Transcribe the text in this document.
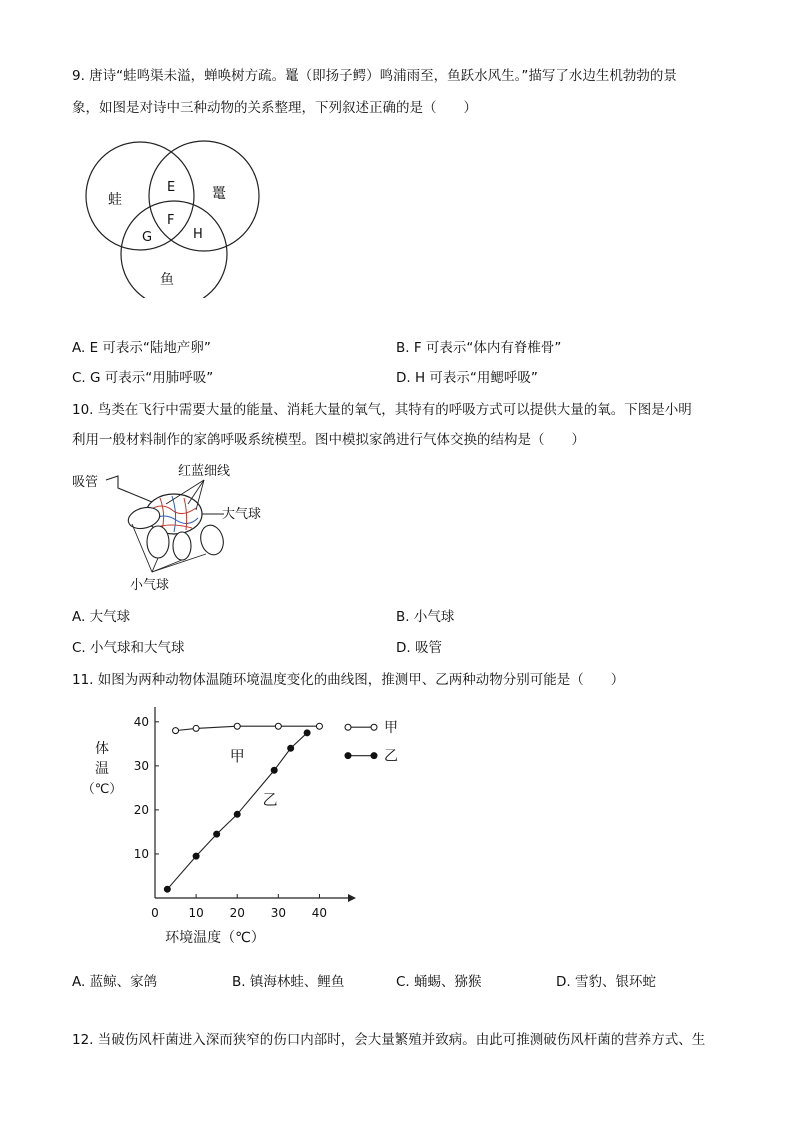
9. 唐诗“蛙鸣渠未溢，蝉唤树方疏。鼍（即扬子鳄）鸣浦雨至，鱼跃水风生。”描写了水边生机勃勃的景
象，如图是对诗中三种动物的关系整理，下列叙述正确的是（　　）
蛙	鼍
鱼
E
F
G	H
A. E 可表示“陆地产卵”	B. F 可表示“体内有脊椎骨”
C. G 可表示“用肺呼吸”	D. H 可表示“用鳃呼吸”
10. 鸟类在飞行中需要大量的能量、消耗大量的氧气，其特有的呼吸方式可以提供大量的氧。下图是小明
利用一般材料制作的家鸽呼吸系统模型。图中模拟家鸽进行气体交换的结构是（　　）
吸管
红蓝细线
大气球
小气球
A. 大气球	B. 小气球
C. 小气球和大气球	D. 吸管
11. 如图为两种动物体温随环境温度变化的曲线图，推测甲、乙两种动物分别可能是（　　）
0 10 20 30 40
10
20
30
40
体
温
（℃）
环境温度（℃）
甲
乙
甲
乙
A. 蓝鲸、家鸽	B. 镇海林蛙、鲤鱼	C. 蛹蜴、猕猴	D. 雪豹、银环蛇
12. 当破伤风杆菌进入深而狭窄的伤口内部时，会大量繁殖并致病。由此可推测破伤风杆菌的营养方式、生
